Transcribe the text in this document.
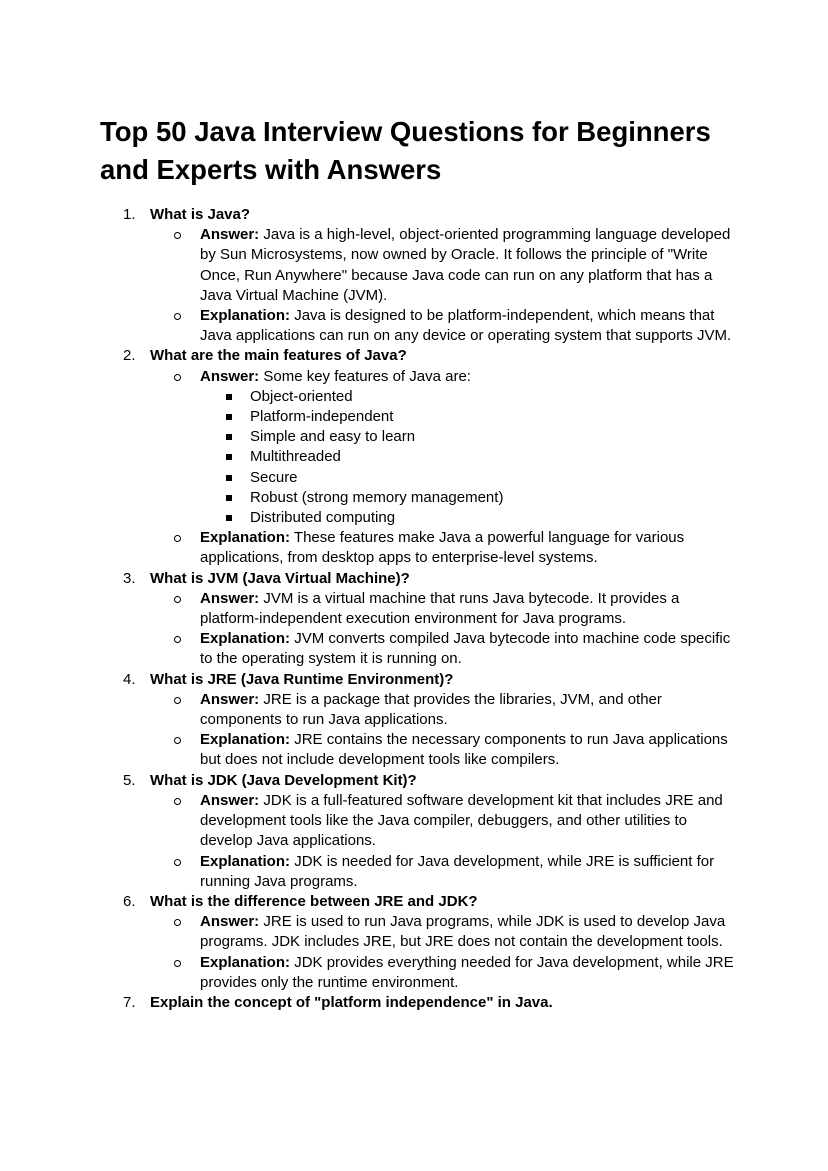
Top 50 Java Interview Questions for Beginners and Experts with Answers
1. What is Java?
Answer: Java is a high-level, object-oriented programming language developed by Sun Microsystems, now owned by Oracle. It follows the principle of "Write Once, Run Anywhere" because Java code can run on any platform that has a Java Virtual Machine (JVM).
Explanation: Java is designed to be platform-independent, which means that Java applications can run on any device or operating system that supports JVM.
2. What are the main features of Java?
Answer: Some key features of Java are:
Object-oriented
Platform-independent
Simple and easy to learn
Multithreaded
Secure
Robust (strong memory management)
Distributed computing
Explanation: These features make Java a powerful language for various applications, from desktop apps to enterprise-level systems.
3. What is JVM (Java Virtual Machine)?
Answer: JVM is a virtual machine that runs Java bytecode. It provides a platform-independent execution environment for Java programs.
Explanation: JVM converts compiled Java bytecode into machine code specific to the operating system it is running on.
4. What is JRE (Java Runtime Environment)?
Answer: JRE is a package that provides the libraries, JVM, and other components to run Java applications.
Explanation: JRE contains the necessary components to run Java applications but does not include development tools like compilers.
5. What is JDK (Java Development Kit)?
Answer: JDK is a full-featured software development kit that includes JRE and development tools like the Java compiler, debuggers, and other utilities to develop Java applications.
Explanation: JDK is needed for Java development, while JRE is sufficient for running Java programs.
6. What is the difference between JRE and JDK?
Answer: JRE is used to run Java programs, while JDK is used to develop Java programs. JDK includes JRE, but JRE does not contain the development tools.
Explanation: JDK provides everything needed for Java development, while JRE provides only the runtime environment.
7. Explain the concept of "platform independence" in Java.
